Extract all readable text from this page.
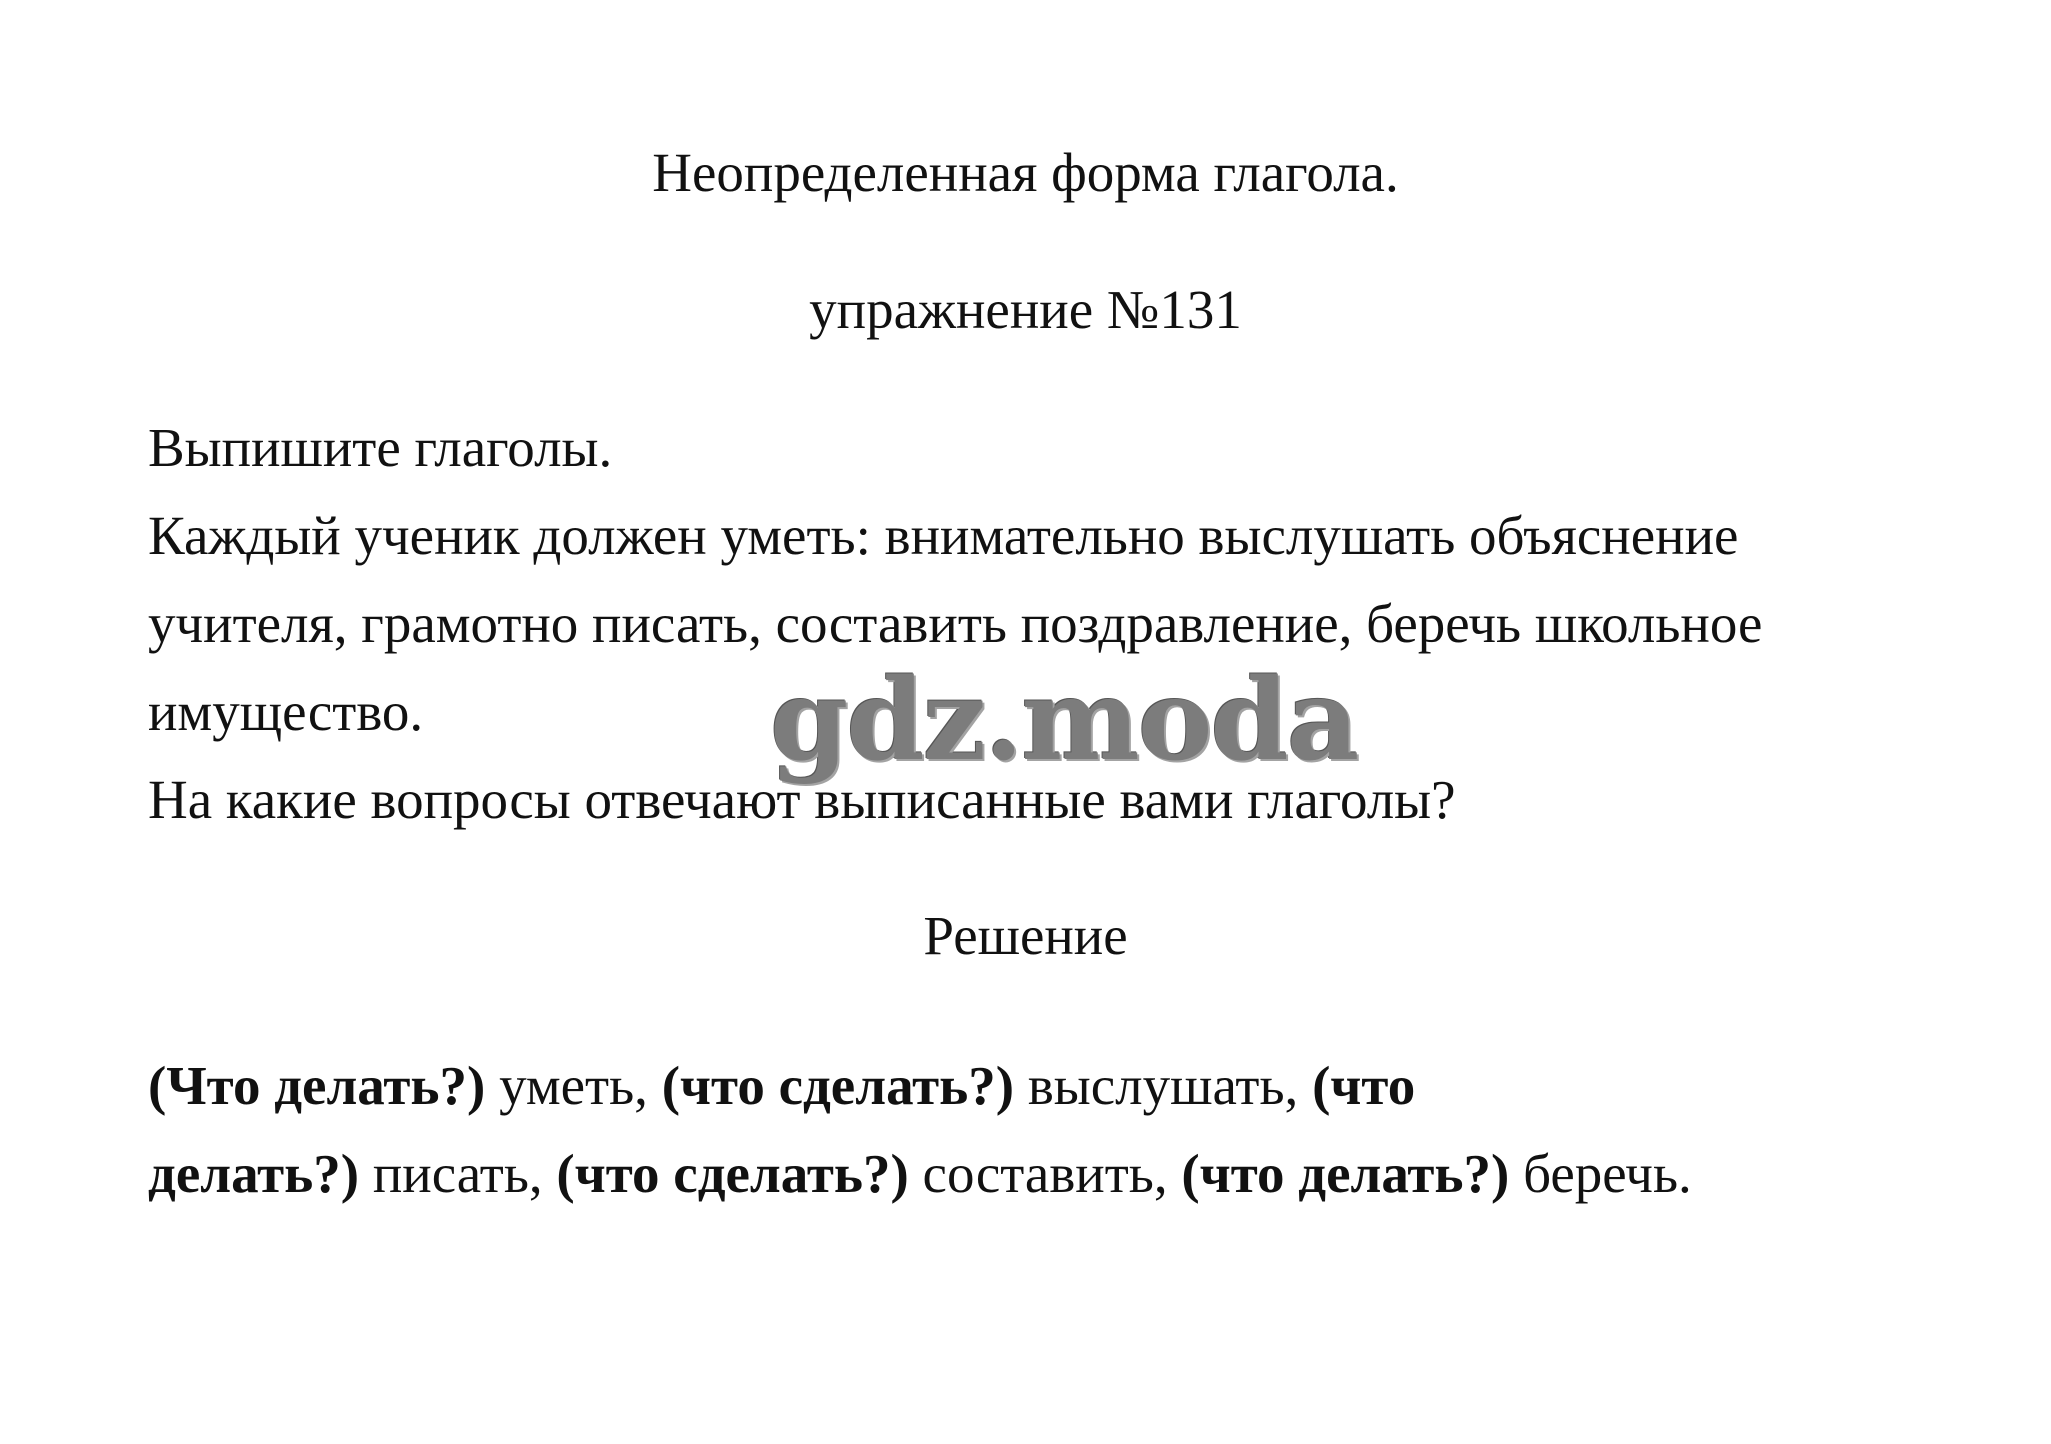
Неопределенная форма глагола.
упражнение №131

Выпишите глаголы.

Каждый ученик должен уметь: внимательно выслушать объяснение

учителя, грамотно писать, составить поздравление, беречь школьное

имущество.

На какие вопросы отвечают выписанные вами глаголы?

gdz.moda
Решение
(Что делать?) уметь, (что сделать?) выслушать, (что
делать?) писать, (что сделать?) составить, (что делать?) беречь.
